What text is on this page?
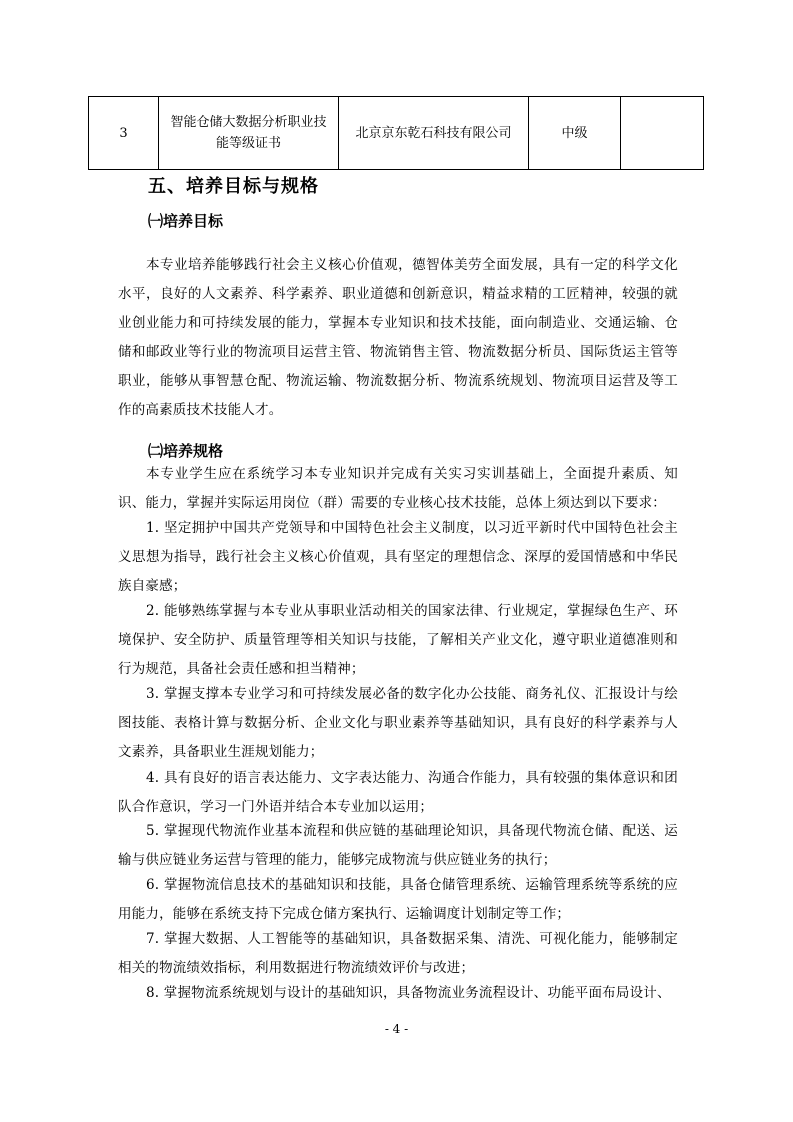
3	智能仓储大数据分析职业技能等级证书	北京京东乾石科技有限公司	中级	
五、培养目标与规格
㈠培养目标
本专业培养能够践行社会主义核心价值观，德智体美劳全面发展，具有一定的科学文化水平，良好的人文素养、科学素养、职业道德和创新意识，精益求精的工匠精神，较强的就业创业能力和可持续发展的能力，掌握本专业知识和技术技能，面向制造业、交通运输、仓储和邮政业等行业的物流项目运营主管、物流销售主管、物流数据分析员、国际货运主管等职业，能够从事智慧仓配、物流运输、物流数据分析、物流系统规划、物流项目运营及等工作的高素质技术技能人才。
㈡培养规格
本专业学生应在系统学习本专业知识并完成有关实习实训基础上，全面提升素质、知识、能力，掌握并实际运用岗位（群）需要的专业核心技术技能，总体上须达到以下要求：
1. 坚定拥护中国共产党领导和中国特色社会主义制度，以习近平新时代中国特色社会主义思想为指导，践行社会主义核心价值观，具有坚定的理想信念、深厚的爱国情感和中华民族自豪感；
2. 能够熟练掌握与本专业从事职业活动相关的国家法律、行业规定，掌握绿色生产、环境保护、安全防护、质量管理等相关知识与技能，了解相关产业文化，遵守职业道德准则和行为规范，具备社会责任感和担当精神；
3. 掌握支撑本专业学习和可持续发展必备的数字化办公技能、商务礼仪、汇报设计与绘图技能、表格计算与数据分析、企业文化与职业素养等基础知识，具有良好的科学素养与人文素养，具备职业生涯规划能力；
4. 具有良好的语言表达能力、文字表达能力、沟通合作能力，具有较强的集体意识和团队合作意识，学习一门外语并结合本专业加以运用；
5. 掌握现代物流作业基本流程和供应链的基础理论知识，具备现代物流仓储、配送、运输与供应链业务运营与管理的能力，能够完成物流与供应链业务的执行；
6. 掌握物流信息技术的基础知识和技能，具备仓储管理系统、运输管理系统等系统的应用能力，能够在系统支持下完成仓储方案执行、运输调度计划制定等工作；
7. 掌握大数据、人工智能等的基础知识，具备数据采集、清洗、可视化能力，能够制定相关的物流绩效指标，利用数据进行物流绩效评价与改进；
8. 掌握物流系统规划与设计的基础知识，具备物流业务流程设计、功能平面布局设计、
- 4 -
